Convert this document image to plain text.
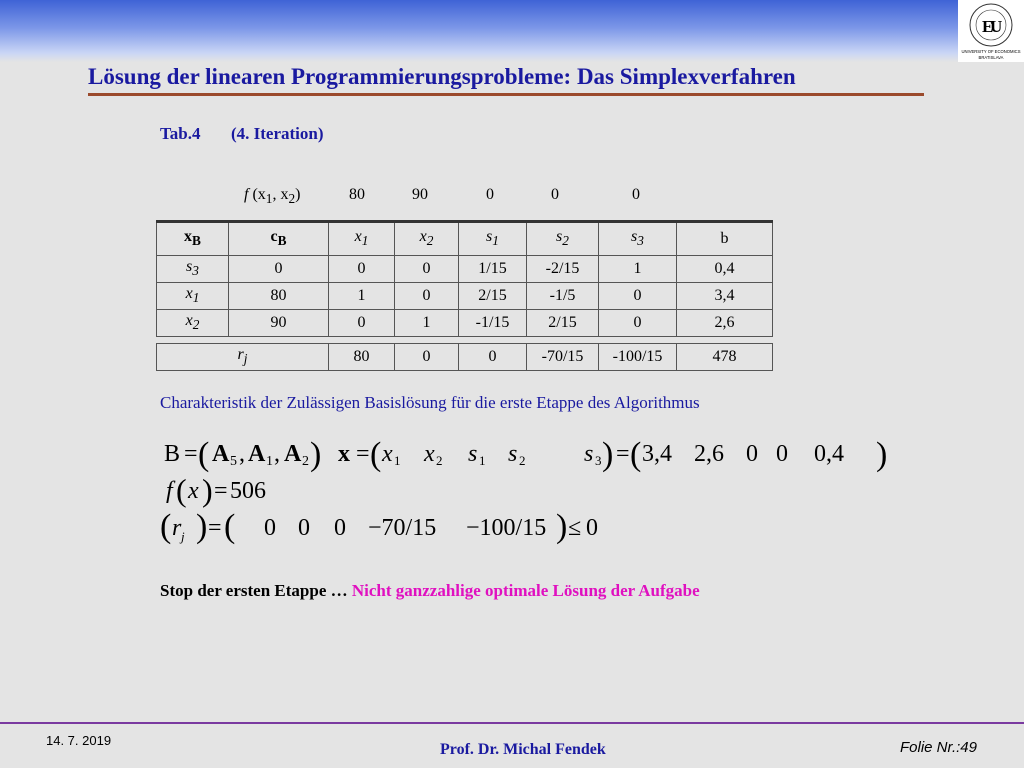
E
U
UNIVERSITY OF ECONOMICS
BRATISLAVA
Lösung der linearen Programmierungsprobleme: Das Simplexverfahren
Tab.4 (4. Iteration)
f ($x_1$, $x_2$)	80	90	0	0	0
$x_B$	$c_B$	$x_1$	$x_2$	$s_1$	$s_2$	$s_3$	b
$s_3$	0	0	0	1/15	-2/15	1	0,4
$x_1$	80	1	0	2/15	-1/5	0	3,4
$x_2$	90	0	1	-1/15	2/15	0	2,6

$r_j$		80	0	0	-70/15	-100/15	478
Charakteristik der Zulässigen Basislösung für die erste Etappe des Algorithmus
B = ( A 5 , A 1 , A 2 ) x = ( x 1 x 2 s 1 s 2 s 3 ) = ( 3,4 2,6 0 0 0,4 )
f ( x ) = 506
( r j ) = ( 0 0 0 −70/15 −100/15 ) ≤ 0
Stop der ersten Etappe … Nicht ganzzahlige optimale Lösung der Aufgabe
14. 7. 2019
Prof. Dr. Michal Fendek	Folie Nr.:49
